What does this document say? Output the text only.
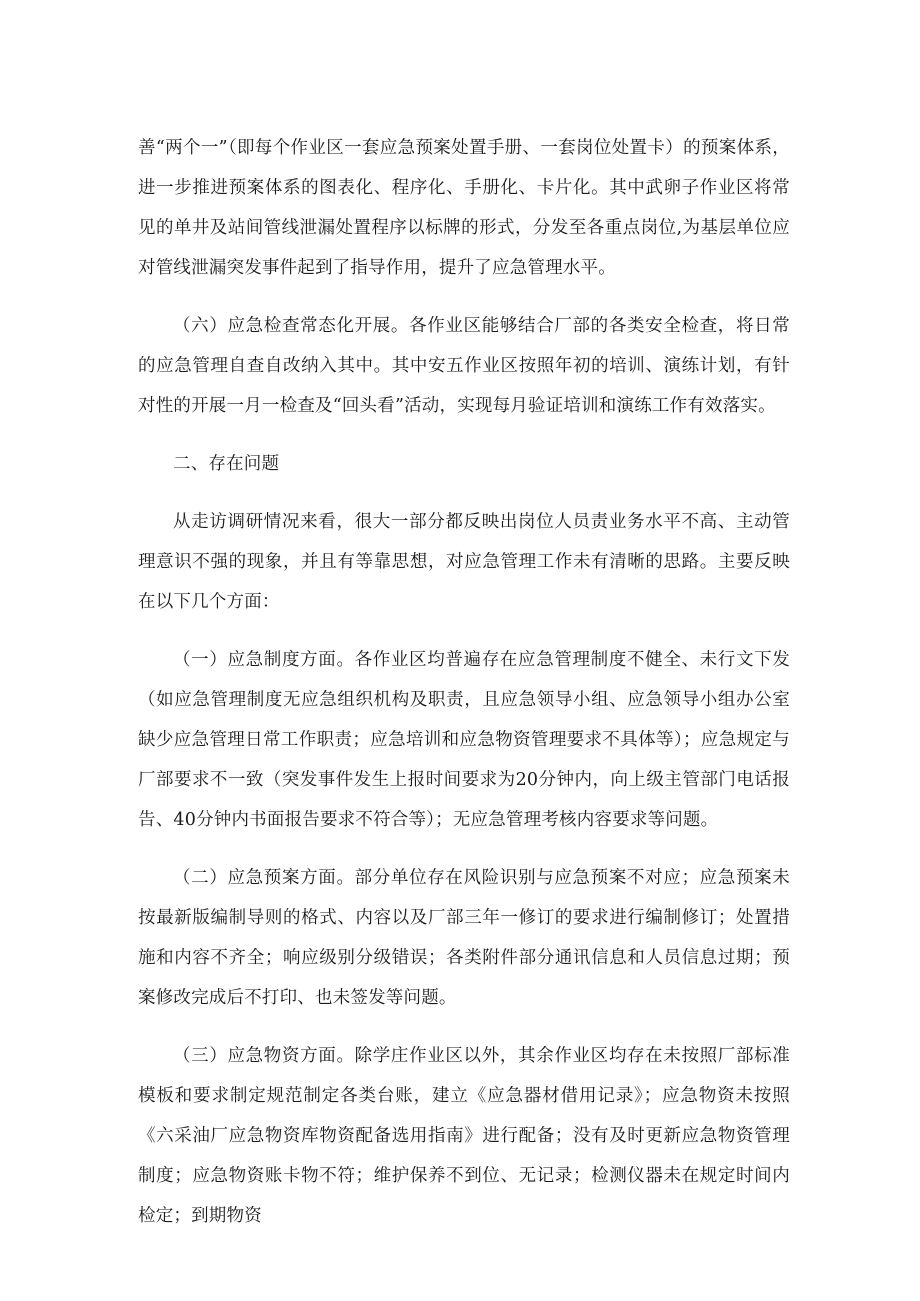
善“两个一”（即每个作业区一套应急预案处置手册、一套岗位处置卡）的预案体系，进一步推进预案体系的图表化、程序化、手册化、卡片化。其中武卵子作业区将常见的单井及站间管线泄漏处置程序以标牌的形式，分发至各重点岗位,为基层单位应对管线泄漏突发事件起到了指导作用，提升了应急管理水平。

（六）应急检查常态化开展。各作业区能够结合厂部的各类安全检查，将日常的应急管理自查自改纳入其中。其中安五作业区按照年初的培训、演练计划，有针对性的开展一月一检查及“回头看”活动，实现每月验证培训和演练工作有效落实。

二、存在问题

从走访调研情况来看，很大一部分都反映出岗位人员责业务水平不高、主动管理意识不强的现象，并且有等靠思想，对应急管理工作未有清晰的思路。主要反映在以下几个方面：

（一）应急制度方面。各作业区均普遍存在应急管理制度不健全、未行文下发（如应急管理制度无应急组织机构及职责，且应急领导小组、应急领导小组办公室缺少应急管理日常工作职责；应急培训和应急物资管理要求不具体等）；应急规定与厂部要求不一致（突发事件发生上报时间要求为20分钟内，向上级主管部门电话报告、40分钟内书面报告要求不符合等）；无应急管理考核内容要求等问题。

（二）应急预案方面。部分单位存在风险识别与应急预案不对应；应急预案未按最新版编制导则的格式、内容以及厂部三年一修订的要求进行编制修订；处置措施和内容不齐全；响应级别分级错误；各类附件部分通讯信息和人员信息过期；预案修改完成后不打印、也未签发等问题。

（三）应急物资方面。除学庄作业区以外，其余作业区均存在未按照厂部标准模板和要求制定规范制定各类台账，建立《应急器材借用记录》；应急物资未按照《六采油厂应急物资库物资配备选用指南》进行配备；没有及时更新应急物资管理制度；应急物资账卡物不符；维护保养不到位、无记录；检测仪器未在规定时间内检定；到期物资
